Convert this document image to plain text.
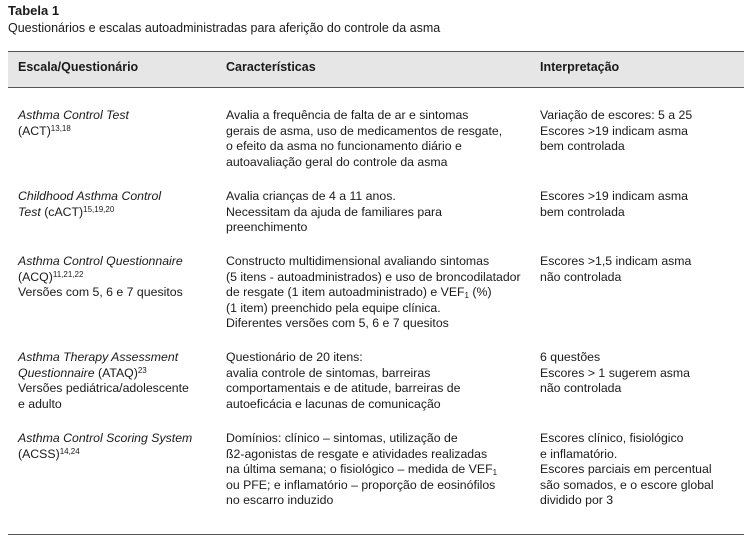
Tabela 1
Questionários e escalas autoadministradas para aferição do controle da asma
Escala/Questionário	Características	Interpretação
Asthma Control Test
(ACT)$^{13,18}$
Avalia a frequência de falta de ar e sintomas
gerais de asma, uso de medicamentos de resgate,
o efeito da asma no funcionamento diário e
autoavaliação geral do controle da asma
Variação de escores: 5 a 25
Escores >19 indicam asma
bem controlada
Childhood Asthma Control
Test (cACT)$^{15,19,20}$
Avalia crianças de 4 a 11 anos.
Necessitam da ajuda de familiares para
preenchimento
Escores >19 indicam asma
bem controlada
Asthma Control Questionnaire
(ACQ)$^{11,21,22}$
Versões com 5, 6 e 7 quesitos
Constructo multidimensional avaliando sintomas
(5 itens - autoadministrados) e uso de broncodilatador
de resgate (1 item autoadministrado) e $VEF_1$ (%)
(1 item) preenchido pela equipe clínica.
Diferentes versões com 5, 6 e 7 quesitos
Escores >1,5 indicam asma
não controlada
Asthma Therapy Assessment
Questionnaire (ATAQ)$^{23}$
Versões pediátrica/adolescente
e adulto
Questionário de 20 itens:
avalia controle de sintomas, barreiras
comportamentais e de atitude, barreiras de
autoeficácia e lacunas de comunicação
6 questões
Escores > 1 sugerem asma
não controlada
Asthma Control Scoring System
(ACSS)$^{14,24}$
Domínios: clínico – sintomas, utilização de
ß2-agonistas de resgate e atividades realizadas
na última semana; o fisiológico – medida de $VEF_1$
ou PFE; e inflamatório – proporção de eosinófilos
no escarro induzido
Escores clínico, fisiológico
e inflamatório.
Escores parciais em percentual
são somados, e o escore global
dividido por 3
